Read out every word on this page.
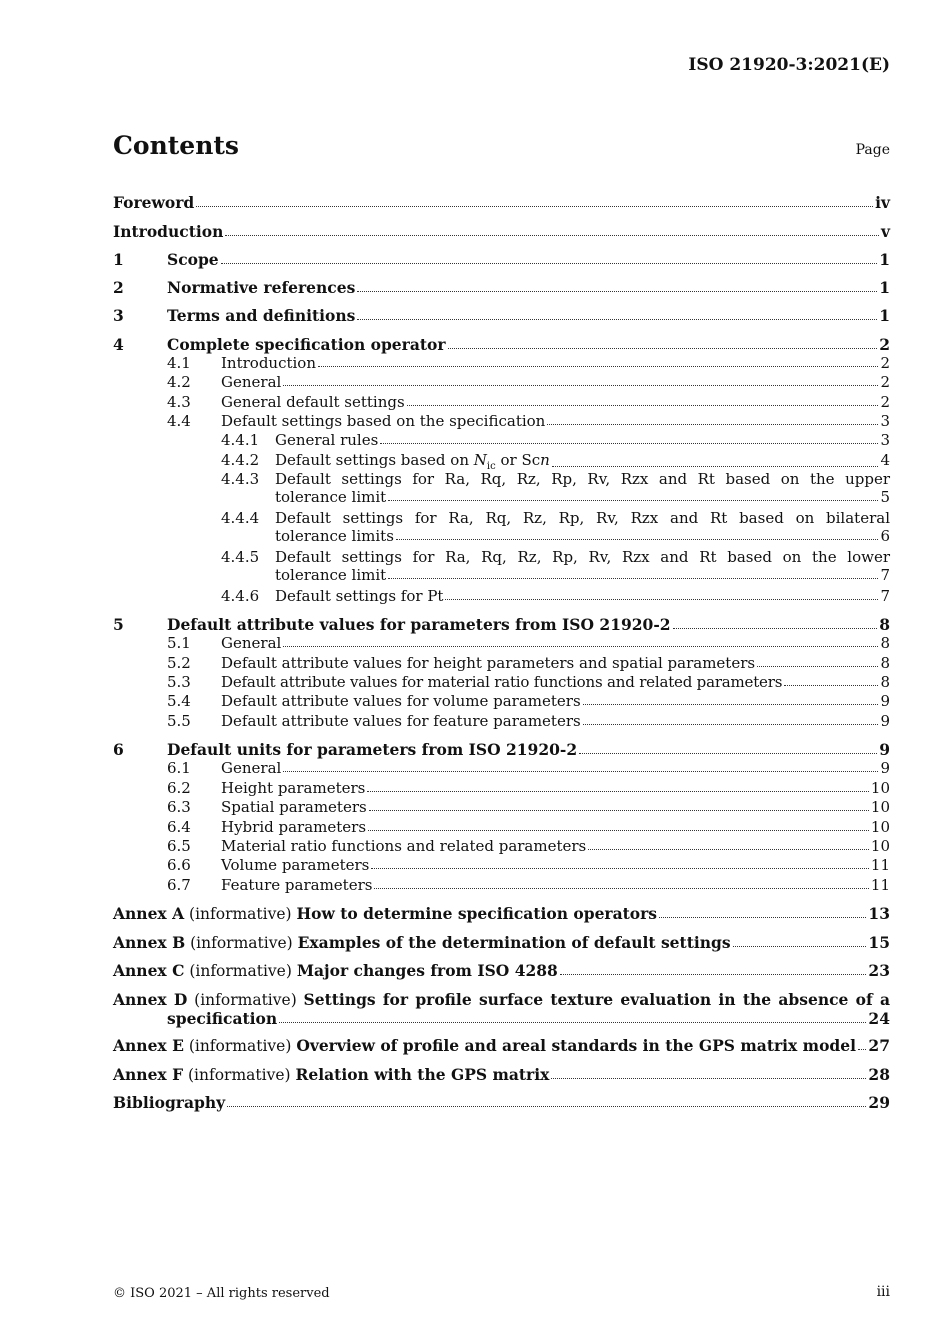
ISO 21920-3:2021(E)
Contents	Page
Foreword	iv
Introduction	v
1	Scope	1
2	Normative references	1
3	Terms and definitions	1
4	Complete specification operator	2
4.1	Introduction	2
4.2	General	2
4.3	General default settings	2
4.4	Default settings based on the specification	3
4.4.1	General rules	3
4.4.2	Default settings based on $N_{ic}$ or Scn	4
4.4.3	Default settings for Ra, Rq, Rz, Rp, Rv, Rzx and Rt based on the upper
tolerance limit	5
4.4.4	Default settings for Ra, Rq, Rz, Rp, Rv, Rzx and Rt based on bilateral
tolerance limits	6
4.4.5	Default settings for Ra, Rq, Rz, Rp, Rv, Rzx and Rt based on the lower
tolerance limit	7
4.4.6	Default settings for Pt	7
5	Default attribute values for parameters from ISO 21920-2	8
5.1	General	8
5.2	Default attribute values for height parameters and spatial parameters	8
5.3	Default attribute values for material ratio functions and related parameters	8
5.4	Default attribute values for volume parameters	9
5.5	Default attribute values for feature parameters	9
6	Default units for parameters from ISO 21920-2	9
6.1	General	9
6.2	Height parameters	10
6.3	Spatial parameters	10
6.4	Hybrid parameters	10
6.5	Material ratio functions and related parameters	10
6.6	Volume parameters	11
6.7	Feature parameters	11
Annex A (informative) How to determine specification operators	13
Annex B (informative) Examples of the determination of default settings	15
Annex C (informative) Major changes from ISO 4288	23
Annex D (informative) Settings for profile surface texture evaluation in the absence of a
specification	24
Annex E (informative) Overview of profile and areal standards in the GPS matrix model 27
Annex F (informative) Relation with the GPS matrix	28
Bibliography	29
© ISO 2021 – All rights reserved	iii
